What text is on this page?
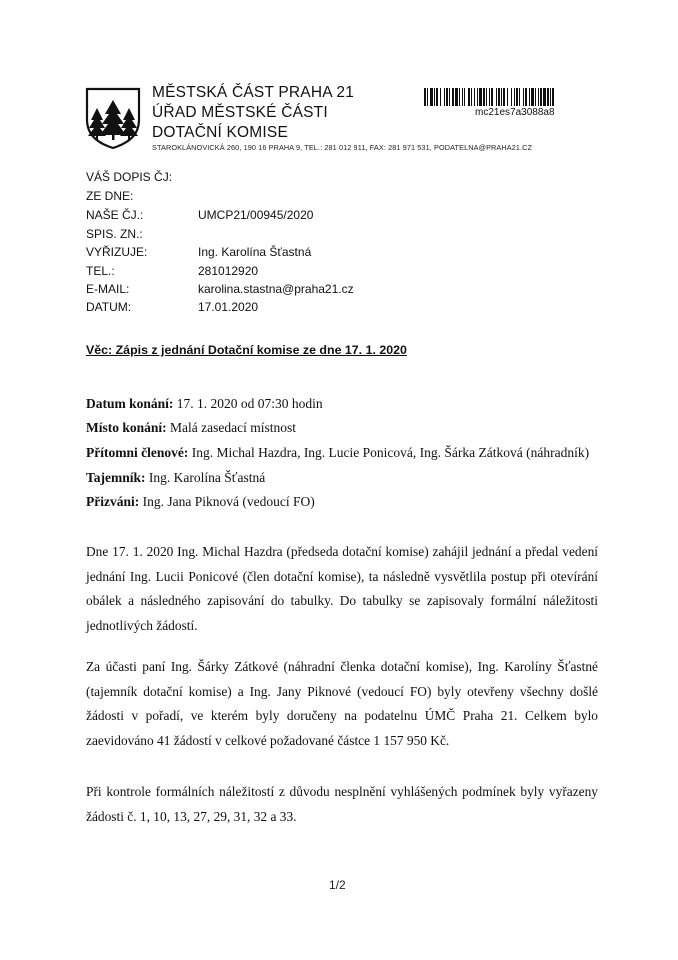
MĚSTSKÁ ČÁST PRAHA 21
ÚŘAD MĚSTSKÉ ČÁSTI
DOTAČNÍ KOMISE
STAROKLÁNOVICKÁ 260, 190 16 PRAHA 9, TEL.: 281 012 911, FAX: 281 971 531, PODATELNA@PRAHA21.CZ
mc21es7a3088a8
VÁŠ DOPIS ČJ:
ZE DNE:
NAŠE ČJ.:	UMCP21/00945/2020
SPIS. ZN.:
VYŘIZUJE:	Ing. Karolína Šťastná
TEL.:	281012920
E-MAIL:	karolina.stastna@praha21.cz
DATUM:	17.01.2020
Věc: Zápis z jednání Dotační komise ze dne 17. 1. 2020
Datum konání: 17. 1. 2020 od 07:30 hodin
Místo konání: Malá zasedací místnost
Přítomni členové: Ing. Michal Hazdra, Ing. Lucie Ponicová, Ing. Šárka Zátková (náhradník)
Tajemník: Ing. Karolína Šťastná
Přizváni: Ing. Jana Piknová (vedoucí FO)
Dne 17. 1. 2020 Ing. Michal Hazdra (předseda dotační komise) zahájil jednání a předal vedení jednání Ing. Lucii Ponicové (člen dotační komise), ta následně vysvětlila postup při otevírání obálek a následného zapisování do tabulky. Do tabulky se zapisovaly formální náležitosti jednotlivých žádostí.
Za účasti paní Ing. Šárky Zátkové (náhradní členka dotační komise), Ing. Karolíny Šťastné (tajemník dotační komise) a Ing. Jany Piknové (vedoucí FO) byly otevřeny všechny došlé žádosti v pořadí, ve kterém byly doručeny na podatelnu ÚMČ Praha 21. Celkem bylo zaevidováno 41 žádostí v celkové požadované částce 1 157 950 Kč.
Při kontrole formálních náležitostí z důvodu nesplnění vyhlášených podmínek byly vyřazeny žádosti č. 1, 10, 13, 27, 29, 31, 32 a 33.
1/2
